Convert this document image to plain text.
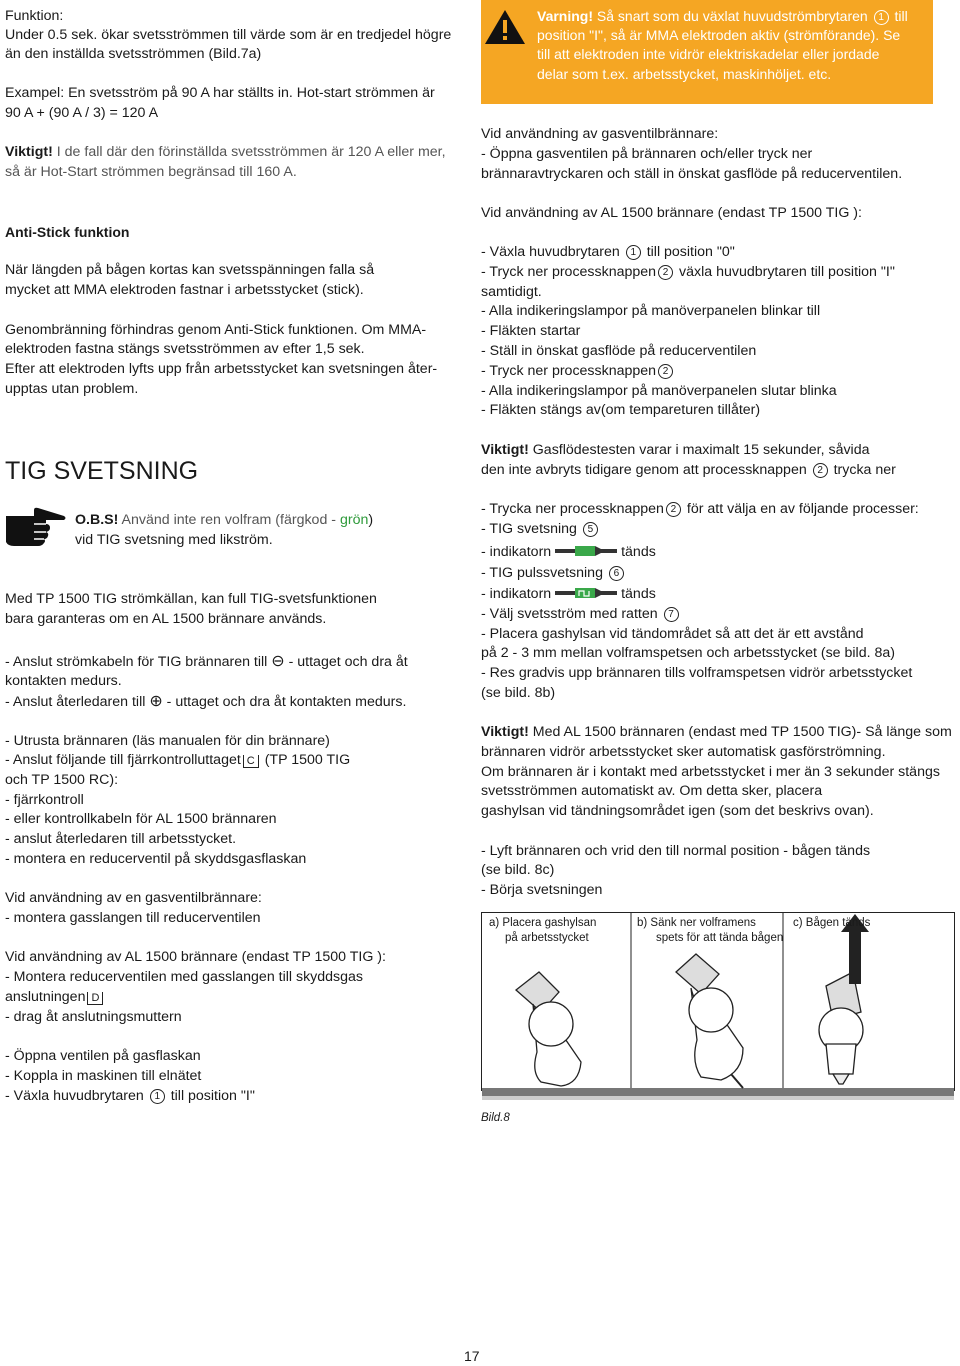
Funktion:
Under 0.5 sek. ökar svetsströmmen till värde som är en tredjedel högre
än den inställda svetsströmmen (Bild.7a)
Exampel: En svetsström på 90 A har ställts in. Hot-start strömmen är
90 A + (90 A / 3) = 120 A
Viktigt! I de fall där den förinställda svetsströmmen är 120 A eller mer,
så är Hot-Start strömmen begränsad till 160 A.
Anti-Stick funktion
När längden på bågen kortas kan svetsspänningen falla så
mycket att MMA elektroden fastnar i arbetsstycket (stick).
Genombränning förhindras genom Anti-Stick funktionen. Om MMA-
elektroden fastna stängs svetsströmmen av efter 1,5 sek.
Efter att elektroden lyfts upp från arbetsstycket kan svetsningen åter-
upptas utan problem.
TIG SVETSNING
O.B.S! Använd inte ren volfram (färgkod - grön)
vid TIG svetsning med likström.
Med TP 1500 TIG strömkällan, kan full TIG-svetsfunktionen
bara garanteras om en AL 1500 brännare används.
- Anslut strömkabeln för TIG brännaren till ⊖ - uttaget och dra åt
kontakten medurs.
- Anslut återledaren till ⊕ - uttaget och dra åt kontakten medurs.
- Utrusta brännaren (läs manualen för din brännare)
- Anslut följande till fjärrkontrolluttaget C (TP 1500 TIG
och TP 1500 RC):
- fjärrkontroll
- eller kontrollkabeln för AL 1500 brännaren
- anslut återledaren till arbetsstycket.
- montera en reducerventil på skyddsgasflaskan
Vid användning av en gasventilbrännare:
- montera gasslangen till reducerventilen
Vid användning av AL 1500 brännare (endast TP 1500 TIG ):
- Montera reducerventilen med gasslangen till skyddsgas
anslutningen D
- drag åt anslutningsmuttern
- Öppna ventilen på gasflaskan
- Koppla in maskinen till elnätet
- Växla huvudbrytaren 1 till position "I"
Varning! Så snart som du växlat huvudströmbrytaren 1 till
position "I", så är MMA elektroden aktiv (strömförande). Se
till att elektroden inte vidrör elektriskadelar eller jordade
delar som t.ex. arbetsstycket, maskinhöljet. etc.
Vid användning av gasventilbrännare:
- Öppna gasventilen på brännaren och/eller tryck ner
brännaravtryckaren och ställ in önskat gasflöde på reducerventilen.
Vid användning av AL 1500 brännare (endast TP 1500 TIG ):
- Växla huvudbrytaren 1 till position "0"
- Tryck ner processknappen 2 växla huvudbrytaren till position "I"
samtidigt.
- Alla indikeringslampor på manöverpanelen blinkar till
- Fläkten startar
- Ställ in önskat gasflöde på reducerventilen
- Tryck ner processknappen 2
- Alla indikeringslampor på manöverpanelen slutar blinka
- Fläkten stängs av(om tempareturen tillåter)
Viktigt! Gasflödestesten varar i maximalt 15 sekunder, såvida
den inte avbryts tidigare genom att processknappen 2 trycka ner
- Trycka ner processknappen 2 för att välja en av följande processer:
- TIG svetsning 5
- indikatorn	tänds
- TIG pulssvetsning 6
- indikatorn	tänds
- Välj svetsström med ratten 7
- Placera gashylsan vid tändområdet så att det är ett avstånd
på 2 - 3 mm mellan volframspetsen och arbetsstycket (se bild. 8a)
- Res gradvis upp brännaren tills volframspetsen vidrör arbetsstycket
(se bild. 8b)
Viktigt! Med AL 1500 brännaren (endast med TP 1500 TIG)- Så länge som
brännaren vidrör arbetsstycket sker automatisk gasförströmning.
Om brännaren är i kontakt med arbetsstycket i mer än 3 sekunder stängs
svetsströmmen automatiskt av. Om detta sker, placera
gashylsan vid tändningsområdet igen (som det beskrivs ovan).
- Lyft brännaren och vrid den till normal position - bågen tänds
(se bild. 8c)
- Börja svetsningen
a) Placera gashylsan
på arbetsstycket
b) Sänk ner volframens
spets för att tända bågen
c) Bågen tänds
Bild.8
17
